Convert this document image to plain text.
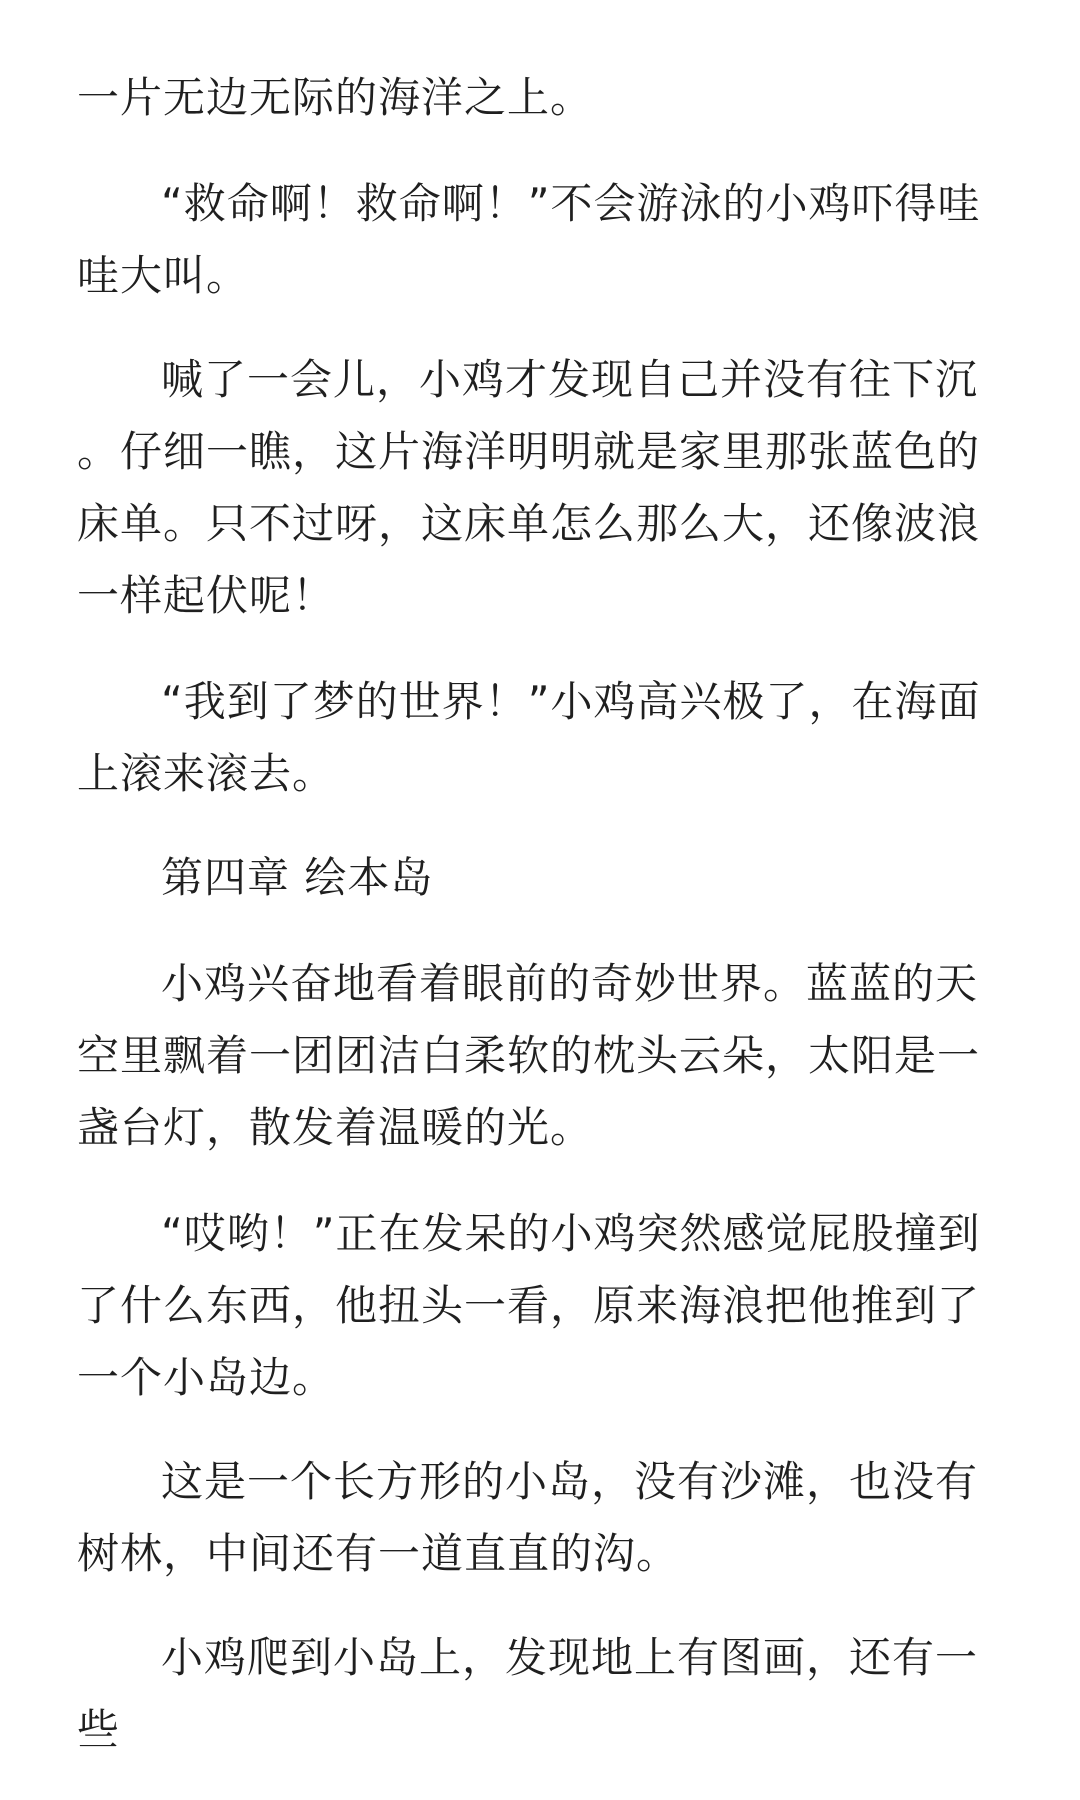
一片无边无际的海洋之上。

“救命啊！救命啊！”不会游泳的小鸡吓得哇哇大叫。

喊了一会儿，小鸡才发现自己并没有往下沉。仔细一瞧，这片海洋明明就是家里那张蓝色的床单。只不过呀，这床单怎么那么大，还像波浪一样起伏呢！

“我到了梦的世界！”小鸡高兴极了，在海面上滚来滚去。

第四章 绘本岛

小鸡兴奋地看着眼前的奇妙世界。蓝蓝的天空里飘着一团团洁白柔软的枕头云朵，太阳是一盏台灯，散发着温暖的光。

“哎哟！”正在发呆的小鸡突然感觉屁股撞到了什么东西，他扭头一看，原来海浪把他推到了一个小岛边。

这是一个长方形的小岛，没有沙滩，也没有树林，中间还有一道直直的沟。

小鸡爬到小岛上，发现地上有图画，还有一些
